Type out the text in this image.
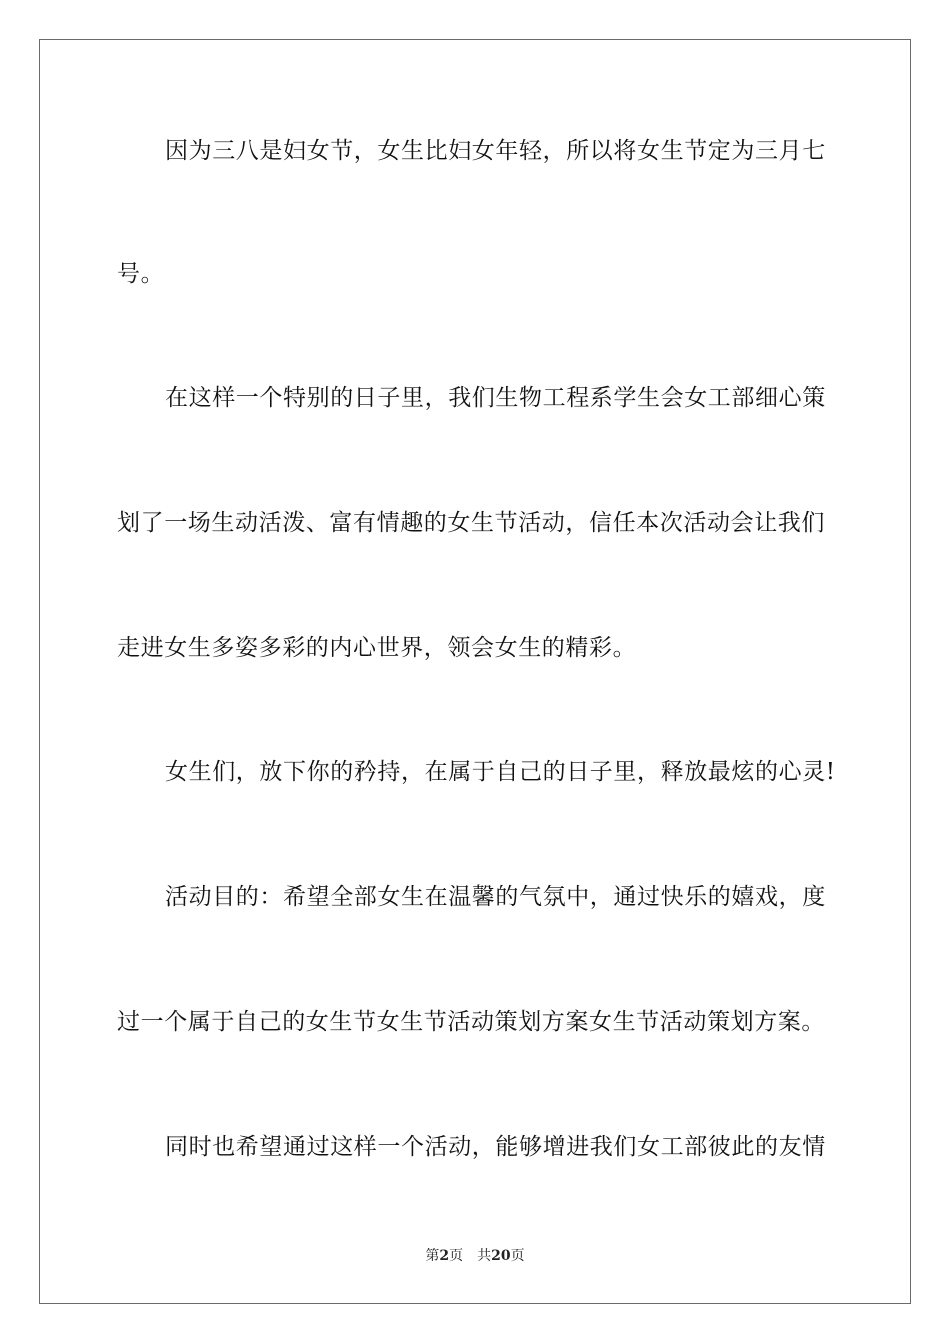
因为三八是妇女节，女生比妇女年轻，所以将女生节定为三月七
号。
在这样一个特别的日子里，我们生物工程系学生会女工部细心策
划了一场生动活泼、富有情趣的女生节活动，信任本次活动会让我们
走进女生多姿多彩的内心世界，领会女生的精彩。
女生们，放下你的矜持，在属于自己的日子里，释放最炫的心灵!
活动目的：希望全部女生在温馨的气氛中，通过快乐的嬉戏，度
过一个属于自己的女生节女生节活动策划方案女生节活动策划方案。
同时也希望通过这样一个活动，能够增进我们女工部彼此的友情
第2页 共20页
